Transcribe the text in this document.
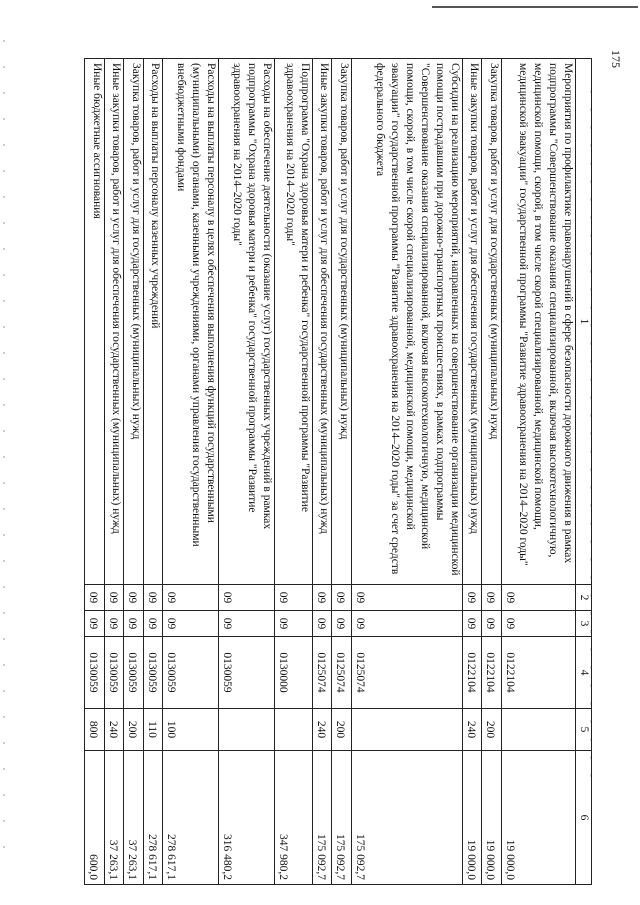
175
1	2	3	4	5	6
Мероприятия по профилактике правонарушений в сфере безопасности дорожного движения в рамках подпрограммы "Совершенствование оказания специализированной, включая высокотехнологичную, медицинской помощи, скорой, в том числе скорой специализированной, медицинской помощи, медицинской эвакуации" государственной программы "Развитие здравоохранения на 2014–2020 годы"	09	09	0122104		19 000,0
Закупка товаров, работ и услуг для государственных (муниципальных) нужд	09	09	0122104	200	19 000,0
Иные закупки товаров, работ и услуг для обеспечения государственных (муниципальных) нужд	09	09	0122104	240	19 000,0
Субсидии на реализацию мероприятий, направленных на совершенствование организации медицинской помощи пострадавшим при дорожно-транспортных происшествиях, в рамках подпрограммы "Совершенствование оказания специализированной, включая высокотехнологичную, медицинской помощи, скорой, в том числе скорой специализированной, медицинской помощи, медицинской эвакуации" государственной программы "Развитие здравоохранения на 2014–2020 годы" за счет средств федерального бюджета	09	09	0125074		175 092,7
Закупка товаров, работ и услуг для государственных (муниципальных) нужд	09	09	0125074	200	175 092,7
Иные закупки товаров, работ и услуг для обеспечения государственных (муниципальных) нужд	09	09	0125074	240	175 092,7
Подпрограмма "Охрана здоровья матери и ребенка" государственной программы "Развитие здравоохранения на 2014–2020 годы"	09	09	0130000		347 980,2
Расходы на обеспечение деятельности (оказание услуг) государственных учреждений в рамках подпрограммы "Охрана здоровья матери и ребенка" государственной программы "Развитие здравоохранения на 2014–2020 годы"	09	09	0130059		316 480,2
Расходы на выплаты персоналу в целях обеспечения выполнения функций государственными (муниципальными) органами, казенными учреждениями, органами управления государственными внебюджетными фондами	09	09	0130059	100	278 617,1
Расходы на выплаты персоналу казенных учреждений	09	09	0130059	110	278 617,1
Закупка товаров, работ и услуг для государственных (муниципальных) нужд	09	09	0130059	200	37 263,1
Иные закупки товаров, работ и услуг для обеспечения государственных (муниципальных) нужд	09	09	0130059	240	37 263,1
Иные бюджетные ассигнования	09	09	0130059	800	600,0
